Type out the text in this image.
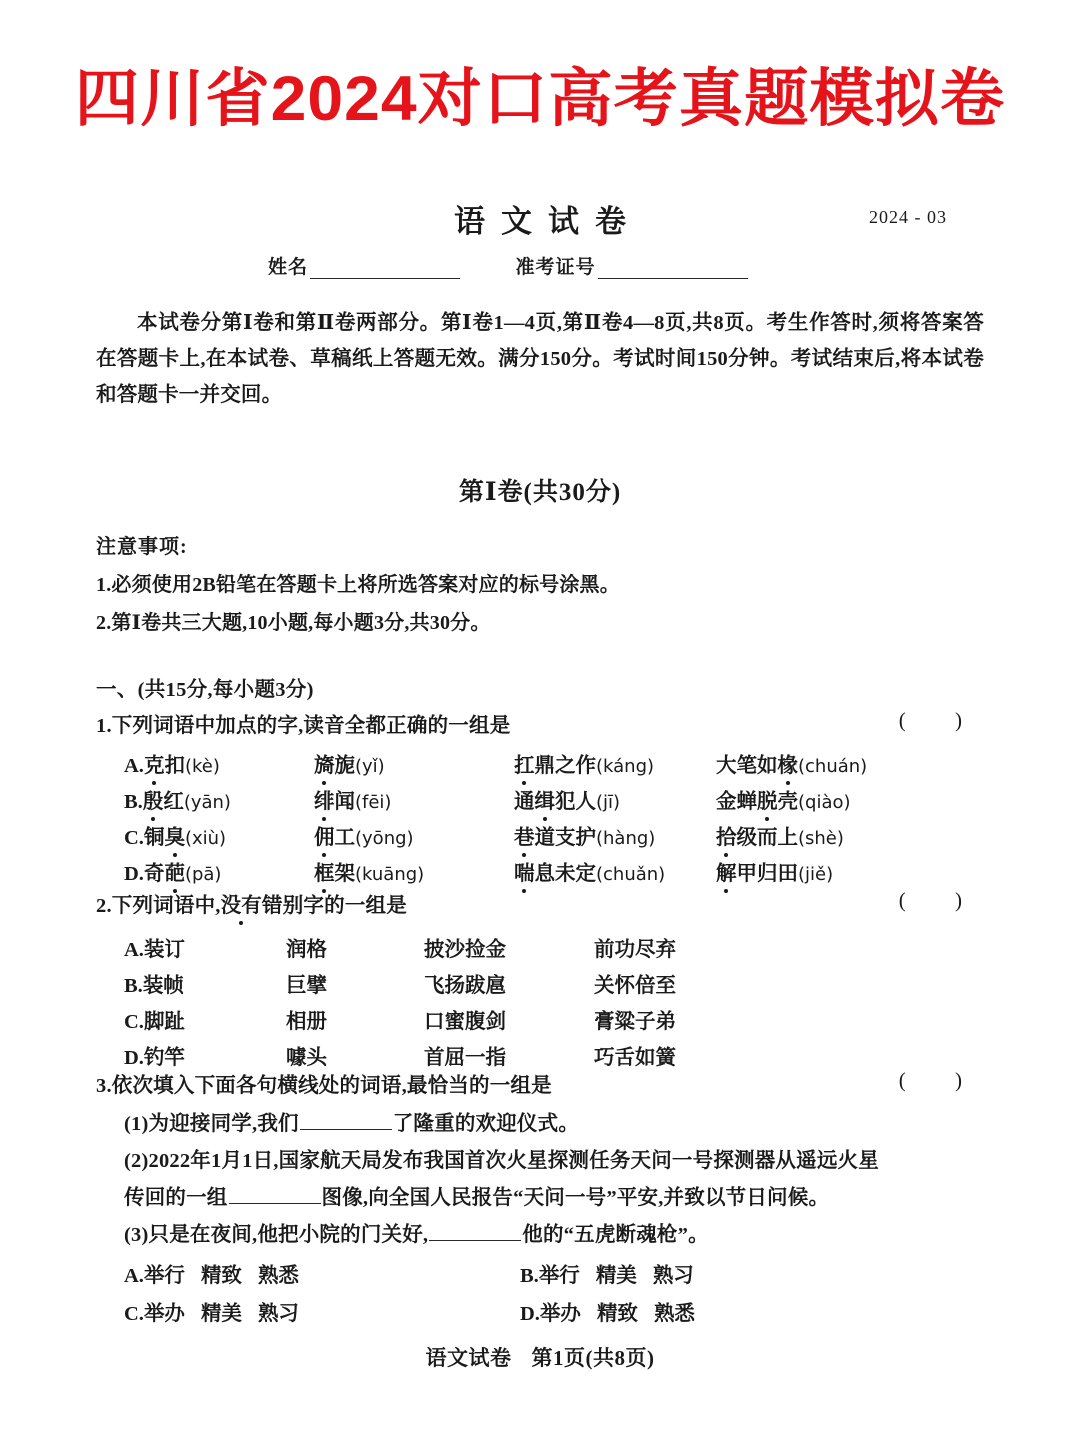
四川省2024对口高考真题模拟卷
语文试卷	2024 - 03
姓名	准考证号

本试卷分第Ⅰ卷和第Ⅱ卷两部分。第Ⅰ卷1—4页,第Ⅱ卷4—8页,共8页。考生作答时,须将答案答在答题卡上,在本试卷、草稿纸上答题无效。满分150分。考试时间150分钟。考试结束后,将本试卷和答题卡一并交回。

第Ⅰ卷(共30分)
注意事项:
1.必须使用2B铅笔在答题卡上将所选答案对应的标号涂黑。
2.第Ⅰ卷共三大题,10小题,每小题3分,共30分。
一、(共15分,每小题3分)
1.下列词语中加点的字,读音全都正确的一组是	( )
A.克扣(kè)	旖旎(yǐ)	扛鼎之作(káng)	大笔如椽(chuán)
B.殷红(yān)	绯闻(fēi)	通缉犯人(jī)	金蝉脱壳(qiào)
C.铜臭(xiù)	佣工(yōng)	巷道支护(hàng)	拾级而上(shè)
D.奇葩(pā)	框架(kuāng)	喘息未定(chuǎn) 解甲归田(jiě)
2.下列词语中,没有错别字的一组是	( )
A.装订	润格	披沙捡金	前功尽弃
B.装帧	巨擘	飞扬跋扈	关怀倍至
C.脚趾	相册	口蜜腹剑	膏粱子弟
D.钓竿	噱头	首屈一指	巧舌如簧
3.依次填入下面各句横线处的词语,最恰当的一组是	( )
(1)为迎接同学,我们	了隆重的欢迎仪式。
(2)2022年1月1日,国家航天局发布我国首次火星探测任务天问一号探测器从遥远火星
传回的一组	图像,向全国人民报告“天问一号”平安,并致以节日问候。
(3)只是在夜间,他把小院的门关好,	他的“五虎断魂枪”。
A.举行 精致 熟悉	B.举行 精美 熟习
C.举办 精美 熟习	D.举办 精致 熟悉
语文试卷 第1页(共8页)
